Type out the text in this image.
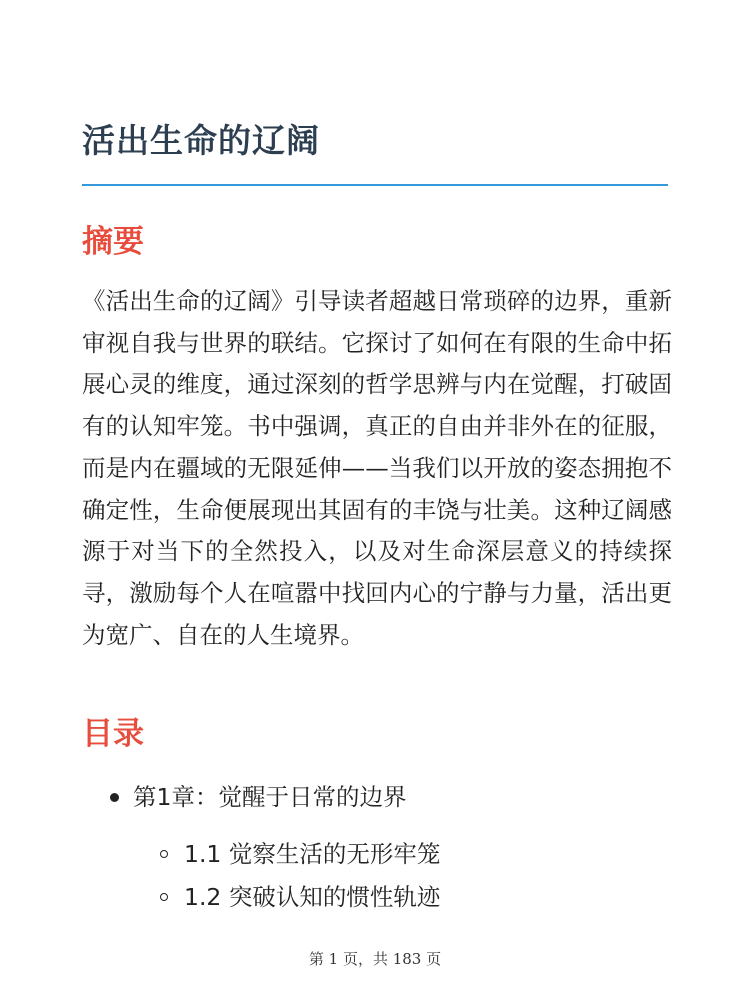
活出生命的辽阔
摘要

《活出生命的辽阔》引导读者超越日常琐碎的边界，重新审视自我与世界的联结。它探讨了如何在有限的生命中拓展心灵的维度，通过深刻的哲学思辨与内在觉醒，打破固有的认知牢笼。书中强调，真正的自由并非外在的征服，而是内在疆域的无限延伸——当我们以开放的姿态拥抱不确定性，生命便展现出其固有的丰饶与壮美。这种辽阔感源于对当下的全然投入，以及对生命深层意义的持续探寻，激励每个人在喧嚣中找回内心的宁静与力量，活出更为宽广、自在的人生境界。

目录
第1章：觉醒于日常的边界
1.1 觉察生活的无形牢笼
1.2 突破认知的惯性轨迹
第 1 页，共 183 页
